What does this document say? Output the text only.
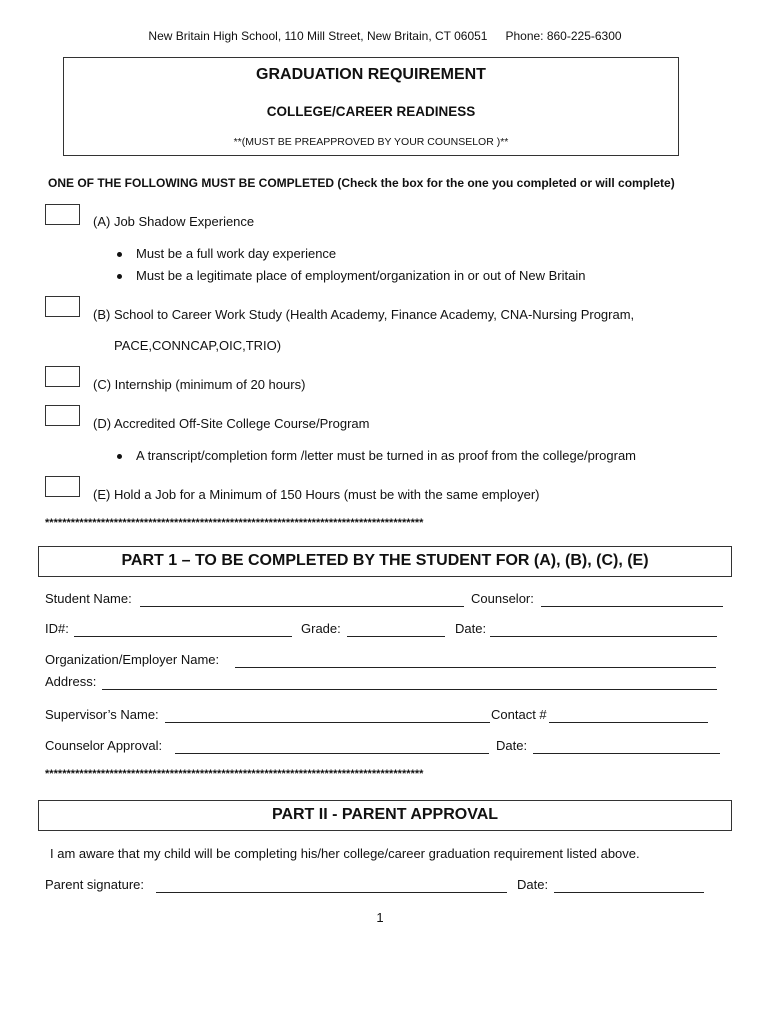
New Britain High School, 110 Mill Street, New Britain, CT 06051 Phone: 860-225-6300
GRADUATION REQUIREMENT
COLLEGE/CAREER READINESS
**(MUST BE PREAPPROVED BY YOUR COUNSELOR )**
ONE OF THE FOLLOWING MUST BE COMPLETED (Check the box for the one you completed or will complete)
(A) Job Shadow Experience
Must be a full work day experience
Must be a legitimate place of employment/organization in or out of New Britain
(B) School to Career Work Study (Health Academy, Finance Academy, CNA-Nursing Program,
PACE,CONNCAP,OIC,TRIO)
(C) Internship (minimum of 20 hours)
(D) Accredited Off-Site College Course/Program
A transcript/completion form /letter must be turned in as proof from the college/program
(E) Hold a Job for a Minimum of 150 Hours (must be with the same employer)
****************************************************************************************
PART 1 – TO BE COMPLETED BY THE STUDENT FOR (A), (B), (C), (E)
Student Name:	Counselor:
ID#:	Grade:	Date:
Organization/Employer Name:
Address:
Supervisor’s Name:	Contact #
Counselor Approval:	Date:
****************************************************************************************
PART II - PARENT APPROVAL
I am aware that my child will be completing his/her college/career graduation requirement listed above.
Parent signature:	Date:
1
